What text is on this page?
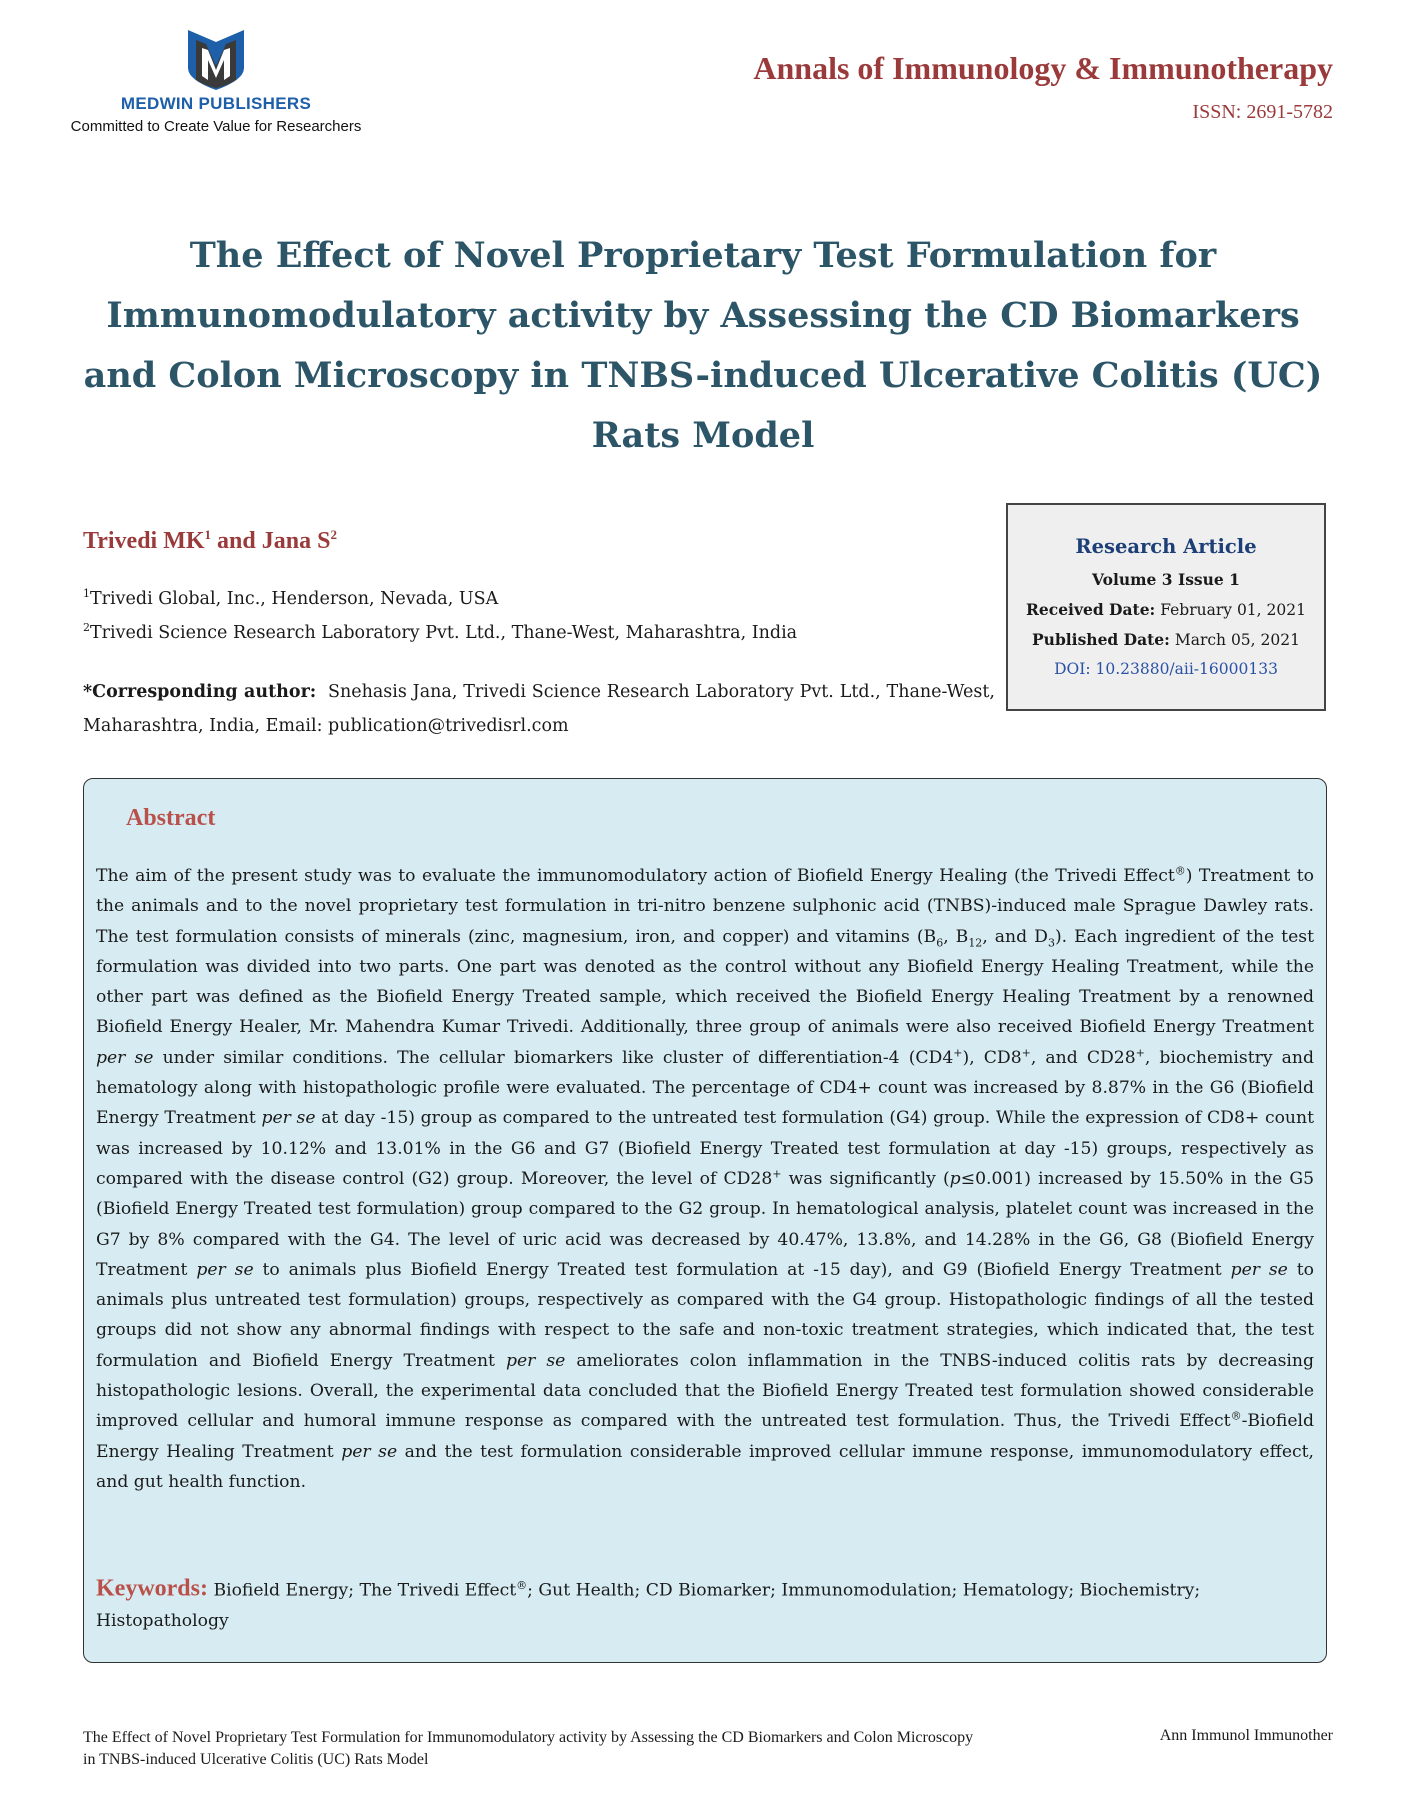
MEDWIN PUBLISHERS
Committed to Create Value for Researchers
Annals of Immunology & Immunotherapy
ISSN: 2691-5782
The Effect of Novel Proprietary Test Formulation for Immunomodulatory activity by Assessing the CD Biomarkers and Colon Microscopy in TNBS-induced Ulcerative Colitis (UC) Rats Model
Trivedi $MK^1$ and Jana $S^2$
$^1$Trivedi Global, Inc., Henderson, Nevada, USA
$^2$Trivedi Science Research Laboratory Pvt. Ltd., Thane-West, Maharashtra, India
*Corresponding author: Snehasis Jana, Trivedi Science Research Laboratory Pvt. Ltd., Thane-West, Maharashtra, India, Email: publication@trivedisrl.com
Research Article
Volume 3 Issue 1
Received Date: February 01, 2021
Published Date: March 05, 2021
DOI: 10.23880/aii-16000133
Abstract
The aim of the present study was to evaluate the immunomodulatory action of Biofield Energy Healing (the Trivedi Effect®) Treatment to the animals and to the novel proprietary test formulation in tri-nitro benzene sulphonic acid (TNBS)-induced male Sprague Dawley rats. The test formulation consists of minerals (zinc, magnesium, iron, and copper) and vitamins ($B_6$, $B_{12}$, and $D_3$). Each ingredient of the test formulation was divided into two parts. One part was denoted as the control without any Biofield Energy Healing Treatment, while the other part was defined as the Biofield Energy Treated sample, which received the Biofield Energy Healing Treatment by a renowned Biofield Energy Healer, Mr. Mahendra Kumar Trivedi. Additionally, three group of animals were also received Biofield Energy Treatment per se under similar conditions. The cellular biomarkers like cluster of differentiation-4 (CD4+), CD8+, and CD28+, biochemistry and hematology along with histopathologic profile were evaluated. The percentage of CD4+ count was increased by 8.87% in the G6 (Biofield Energy Treatment per se at day -15) group as compared to the untreated test formulation (G4) group. While the expression of CD8+ count was increased by 10.12% and 13.01% in the G6 and G7 (Biofield Energy Treated test formulation at day -15) groups, respectively as compared with the disease control (G2) group. Moreover, the level of CD28+ was significantly (p≤0.001) increased by 15.50% in the G5 (Biofield Energy Treated test formulation) group compared to the G2 group. In hematological analysis, platelet count was increased in the G7 by 8% compared with the G4. The level of uric acid was decreased by 40.47%, 13.8%, and 14.28% in the G6, G8 (Biofield Energy Treatment per se to animals plus Biofield Energy Treated test formulation at -15 day), and G9 (Biofield Energy Treatment per se to animals plus untreated test formulation) groups, respectively as compared with the G4 group. Histopathologic findings of all the tested groups did not show any abnormal findings with respect to the safe and non-toxic treatment strategies, which indicated that, the test formulation and Biofield Energy Treatment per se ameliorates colon inflammation in the TNBS-induced colitis rats by decreasing histopathologic lesions. Overall, the experimental data concluded that the Biofield Energy Treated test formulation showed considerable improved cellular and humoral immune response as compared with the untreated test formulation. Thus, the Trivedi Effect®-Biofield Energy Healing Treatment per se and the test formulation considerable improved cellular immune response, immunomodulatory effect, and gut health function.
Keywords: Biofield Energy; The Trivedi Effect®; Gut Health; CD Biomarker; Immunomodulation; Hematology; Biochemistry; Histopathology
The Effect of Novel Proprietary Test Formulation for Immunomodulatory activity by Assessing the CD Biomarkers and Colon Microscopy in TNBS-induced Ulcerative Colitis (UC) Rats Model
Ann Immunol Immunother
